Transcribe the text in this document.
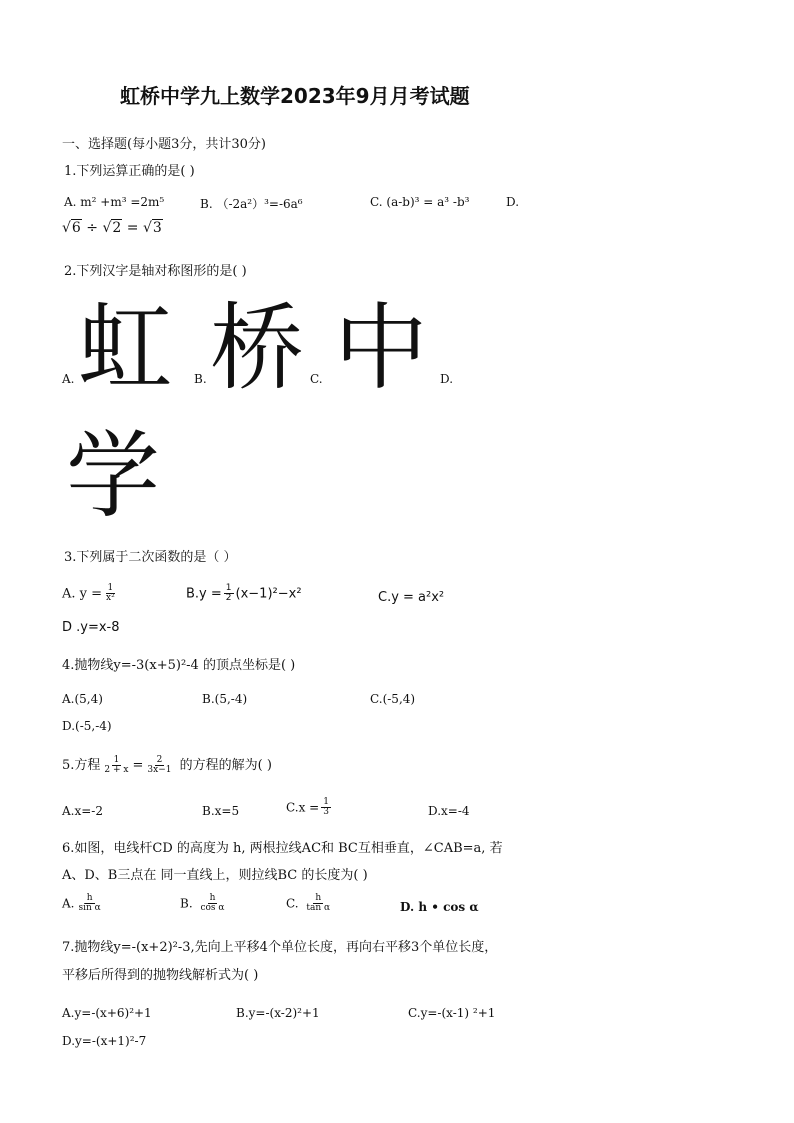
虹桥中学九上数学2023年9月月考试题
一、选择题(每小题3分，共计30分)
1.下列运算正确的是( )
A. m² +m³ =2m⁵	B. （-2a²）³=-6a⁶	C. (a-b)³ = a³ -b³	D.
√6 ÷ √2 = √3
2.下列汉字是轴对称图形的是( )
A. 虹 B. 桥 C. 中 D.
学
3.下列属于二次函数的是（ ）
A. $y = \frac{1}{\text{x²}}$	$B.y = \frac{1}{2} (x-1)^2-x^2$	C.y = a²x²
D .y=x-8
4.抛物线y=-3(x+5)²-4 的顶点坐标是( )
A.(5,4)	B.(5,-4)	C.(-5,4)
D.(-5,-4)
5.方程 $\frac{1}{2 + x} = \frac{2}{3x-1}$ 的方程的解为( )
A.x=-2	B.x=5	$C.x = \frac{1}{3}$	D.x=-4
6.如图，电线杆CD 的高度为 h, 两根拉线AC和 BC互相垂直，∠CAB=a, 若
A、D、B三点在 同一直线上，则拉线BC 的长度为( )
A. $\frac{h}{\text{sin α}}$	B. $\frac{h}{\text{cos α}}$	C. $\frac{h}{\text{tan α}}$	D. h • cos α
7.抛物线y=-(x+2)²-3,先向上平移4个单位长度，再向右平移3个单位长度，
平移后所得到的抛物线解析式为( )
A.y=-(x+6)²+1	B.y=-(x-2)²+1	C.y=-(x-1) ²+1
D.y=-(x+1)²-7
